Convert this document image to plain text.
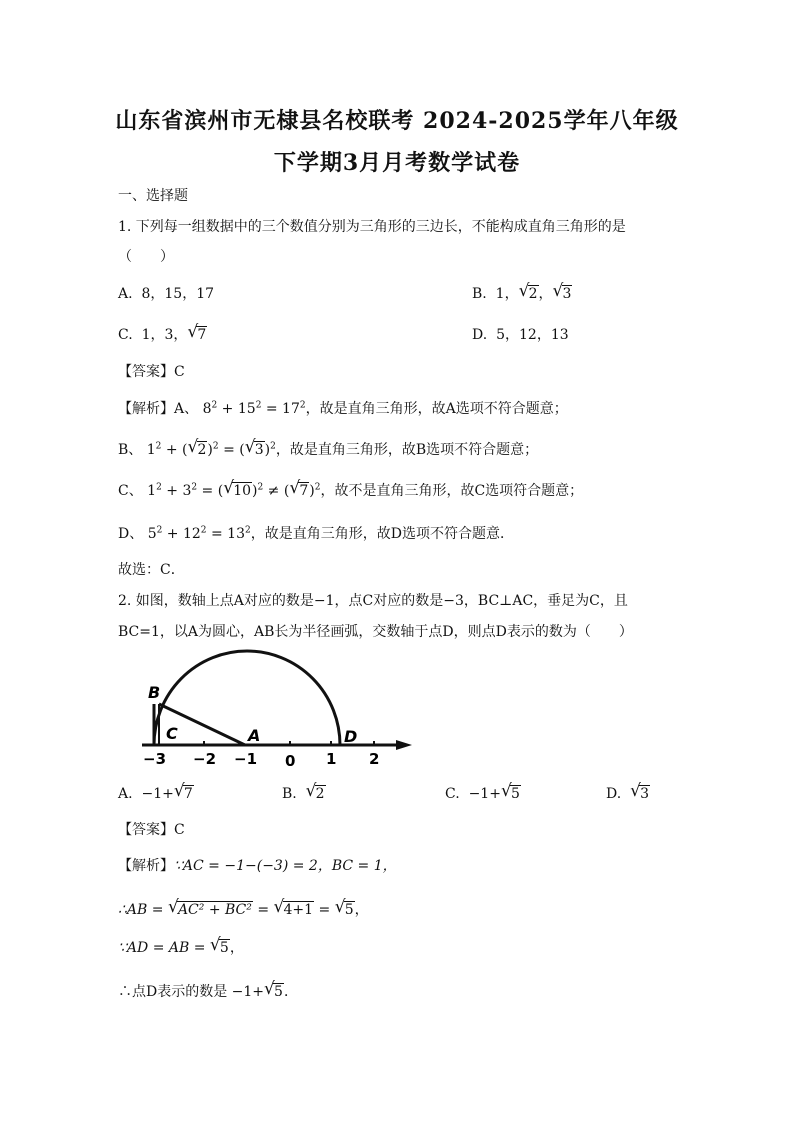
山东省滨州市无棣县名校联考 2024-2025学年八年级
下学期3月月考数学试卷
一、选择题
1. 下列每一组数据中的三个数值分别为三角形的三边长，不能构成直角三角形的是
（　　）
A. 8，15，17	B. 1， √ 2， √ 3
C. 1，3， √ 7	D. 5，12，13
【答案】C
【解析】A、 $8^2 + 15^2 = 17^2$，故是直角三角形，故A选项不符合题意；
B、 $1^2$ + ( √ 2)$^2$ = ( √ 3)$^2$，故是直角三角形，故B选项不符合题意；
C、 $1^2 + 3^2$ = ( √ 10)$^2$ ≠ ( √ 7)$^2$，故不是直角三角形，故C选项符合题意；
D、 $5^2 + 12^2 = 13^2$，故是直角三角形，故D选项不符合题意．
故选：C．
2. 如图，数轴上点A对应的数是−1，点C对应的数是−3，BC⊥AC，垂足为C，且
BC=1，以A为圆心，AB长为半径画弧，交数轴于点D，则点D表示的数为（　　）
B
C	A	D
−3 −2 −1 0 1 2
A. −1+ √ 7	B. √ 2	C. −1+ √ 5	D. √ 3
【答案】C
【解析】∵AC = −1−(−3) = 2，BC = 1，
∴AB = √ AC² + BC² = √ 4+1 = √ 5，
∵AD = AB = √ 5，
∴点D表示的数是 −1+ √ 5．
